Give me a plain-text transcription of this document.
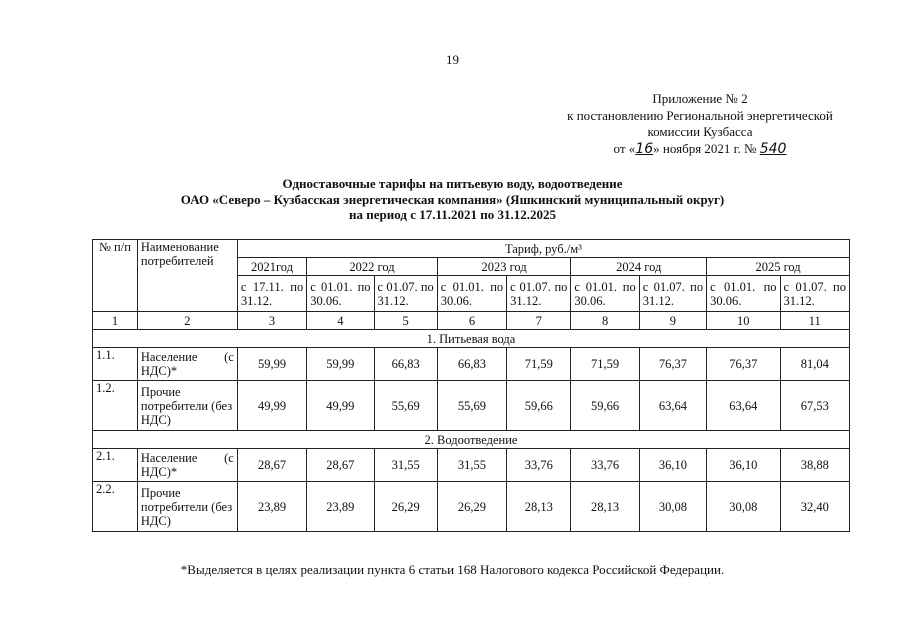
19
Приложение № 2
к постановлению Региональной энергетической
комиссии Кузбасса
от «16» ноября 2021 г. № 540
Одноставочные тарифы на питьевую воду, водоотведение
ОАО «Северо – Кузбасская энергетическая компания» (Яшкинский муниципальный округ)
на период с 17.11.2021 по 31.12.2025
№ п/п	Наименование потребителей	Тариф, руб./м³								
		2021год	2022 год		2023 год		2024 год		2025 год	
		с 17.11. по 31.12.	с 01.01. по 30.06.	с 01.07. по 31.12.	с 01.01. по 30.06.	с 01.07. по 31.12.	с 01.01. по 30.06.	с 01.07. по 31.12.	с 01.01. по 30.06.	с 01.07. по 31.12.
1	2	3	4	5	6	7	8	9	10	11
1. Питьевая вода										
1.1.	Население (с НДС)*	59,99	59,99	66,83	66,83	71,59	71,59	76,37	76,37	81,04
1.2.	Прочие потребители (без НДС)	49,99	49,99	55,69	55,69	59,66	59,66	63,64	63,64	67,53
2. Водоотведение										
2.1.	Население (с НДС)*	28,67	28,67	31,55	31,55	33,76	33,76	36,10	36,10	38,88
2.2.	Прочие потребители (без НДС)	23,89	23,89	26,29	26,29	28,13	28,13	30,08	30,08	32,40
*Выделяется в целях реализации пункта 6 статьи 168 Налогового кодекса Российской Федерации.
